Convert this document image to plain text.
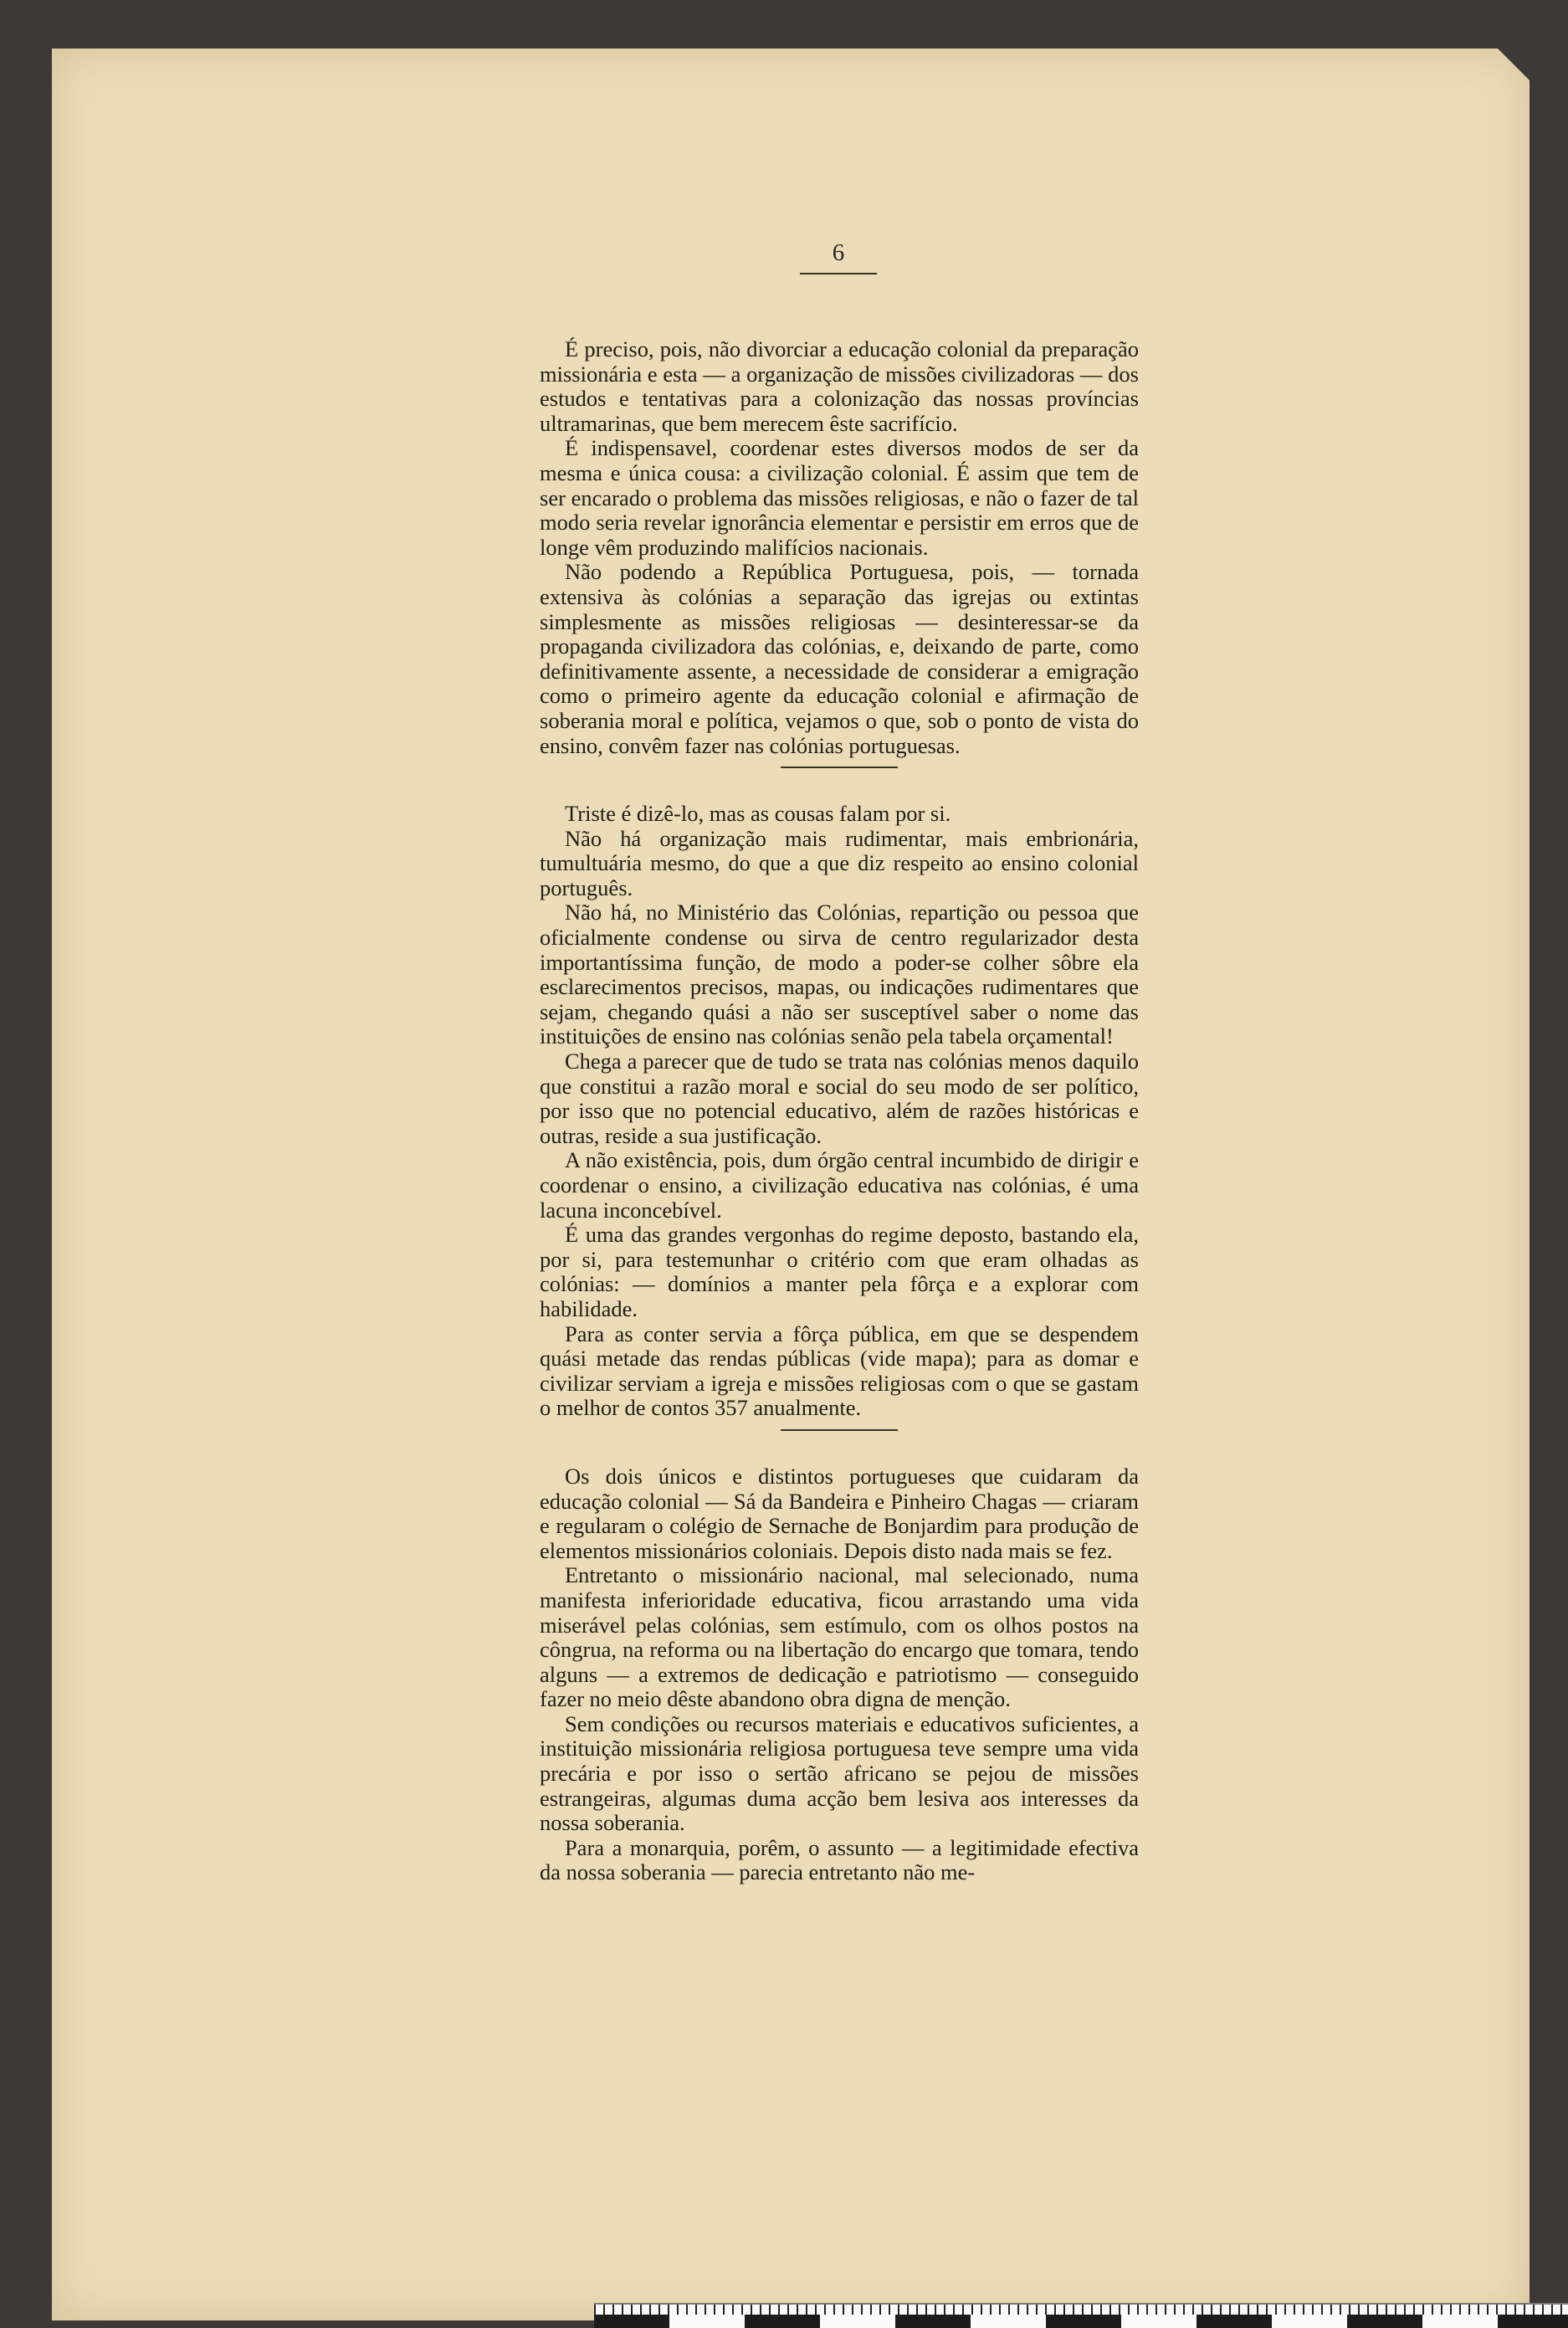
6

É preciso, pois, não divorciar a educação colonial da preparação missionária e esta — a organização de missões civilizadoras — dos estudos e tentativas para a colonização das nossas províncias ultramarinas, que bem merecem êste sacrifício.

É indispensavel, coordenar estes diversos modos de ser da mesma e única cousa: a civilização colonial. É assim que tem de ser encarado o problema das missões religiosas, e não o fazer de tal modo seria revelar ignorância elementar e persistir em erros que de longe vêm produzindo malifícios nacionais.

Não podendo a República Portuguesa, pois, — tornada extensiva às colónias a separação das igrejas ou extintas simplesmente as missões religiosas — desinteressar-se da propaganda civilizadora das colónias, e, deixando de parte, como definitivamente assente, a necessidade de considerar a emigração como o primeiro agente da educação colonial e afirmação de soberania moral e política, vejamos o que, sob o ponto de vista do ensino, convêm fazer nas colónias portuguesas.

Triste é dizê-lo, mas as cousas falam por si.

Não há organização mais rudimentar, mais embrionária, tumultuária mesmo, do que a que diz respeito ao ensino colonial português.

Não há, no Ministério das Colónias, repartição ou pessoa que oficialmente condense ou sirva de centro regularizador desta importantíssima função, de modo a poder-se colher sôbre ela esclarecimentos precisos, mapas, ou indicações rudimentares que sejam, chegando quási a não ser susceptível saber o nome das instituições de ensino nas colónias senão pela tabela orçamental!

Chega a parecer que de tudo se trata nas colónias menos daquilo que constitui a razão moral e social do seu modo de ser político, por isso que no potencial educativo, além de razões históricas e outras, reside a sua justificação.

A não existência, pois, dum órgão central incumbido de dirigir e coordenar o ensino, a civilização educativa nas colónias, é uma lacuna inconcebível.

É uma das grandes vergonhas do regime deposto, bastando ela, por si, para testemunhar o critério com que eram olhadas as colónias: — domínios a manter pela fôrça e a explorar com habilidade.

Para as conter servia a fôrça pública, em que se despendem quási metade das rendas públicas (vide mapa); para as domar e civilizar serviam a igreja e missões religiosas com o que se gastam o melhor de contos 357 anualmente.

Os dois únicos e distintos portugueses que cuidaram da educação colonial — Sá da Bandeira e Pinheiro Chagas — criaram e regularam o colégio de Sernache de Bonjardim para produção de elementos missionários coloniais. Depois disto nada mais se fez.

Entretanto o missionário nacional, mal selecionado, numa manifesta inferioridade educativa, ficou arrastando uma vida miserável pelas colónias, sem estímulo, com os olhos postos na côngrua, na reforma ou na libertação do encargo que tomara, tendo alguns — a extremos de dedicação e patriotismo — conseguido fazer no meio dêste abandono obra digna de menção.

Sem condições ou recursos materiais e educativos suficientes, a instituição missionária religiosa portuguesa teve sempre uma vida precária e por isso o sertão africano se pejou de missões estrangeiras, algumas duma acção bem lesiva aos interesses da nossa soberania.

Para a monarquia, porêm, o assunto — a legitimidade efectiva da nossa soberania — parecia entretanto não me-
